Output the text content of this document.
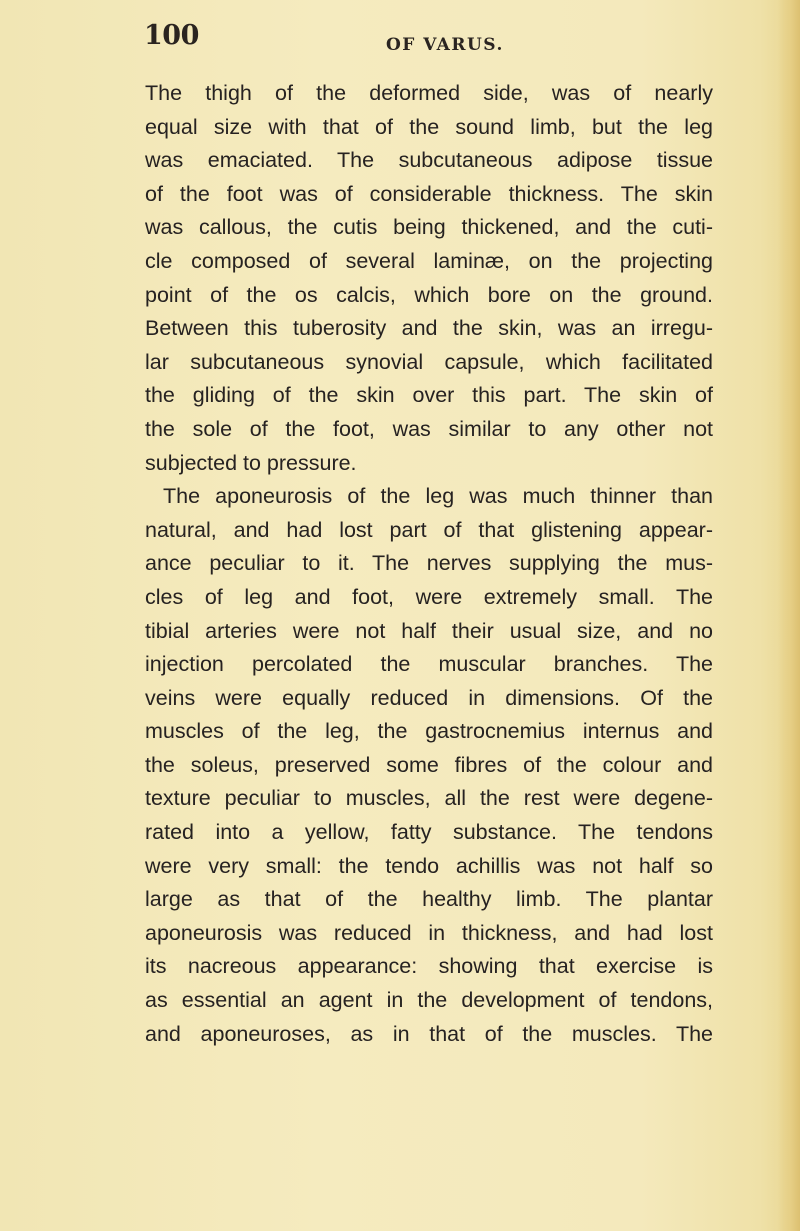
100	OF VARUS.
The thigh of the deformed side, was of nearly
equal size with that of the sound limb, but the leg
was emaciated. The subcutaneous adipose tissue
of the foot was of considerable thickness. The skin
was callous, the cutis being thickened, and the cuti-
cle composed of several laminæ, on the projecting
point of the os calcis, which bore on the ground.
Between this tuberosity and the skin, was an irregu-
lar subcutaneous synovial capsule, which facilitated
the gliding of the skin over this part. The skin of
the sole of the foot, was similar to any other not
subjected to pressure.
The aponeurosis of the leg was much thinner than
natural, and had lost part of that glistening appear-
ance peculiar to it. The nerves supplying the mus-
cles of leg and foot, were extremely small. The
tibial arteries were not half their usual size, and no
injection percolated the muscular branches. The
veins were equally reduced in dimensions. Of the
muscles of the leg, the gastrocnemius internus and
the soleus, preserved some fibres of the colour and
texture peculiar to muscles, all the rest were degene-
rated into a yellow, fatty substance. The tendons
were very small: the tendo achillis was not half so
large as that of the healthy limb. The plantar
aponeurosis was reduced in thickness, and had lost
its nacreous appearance: showing that exercise is
as essential an agent in the development of tendons,
and aponeuroses, as in that of the muscles. The
